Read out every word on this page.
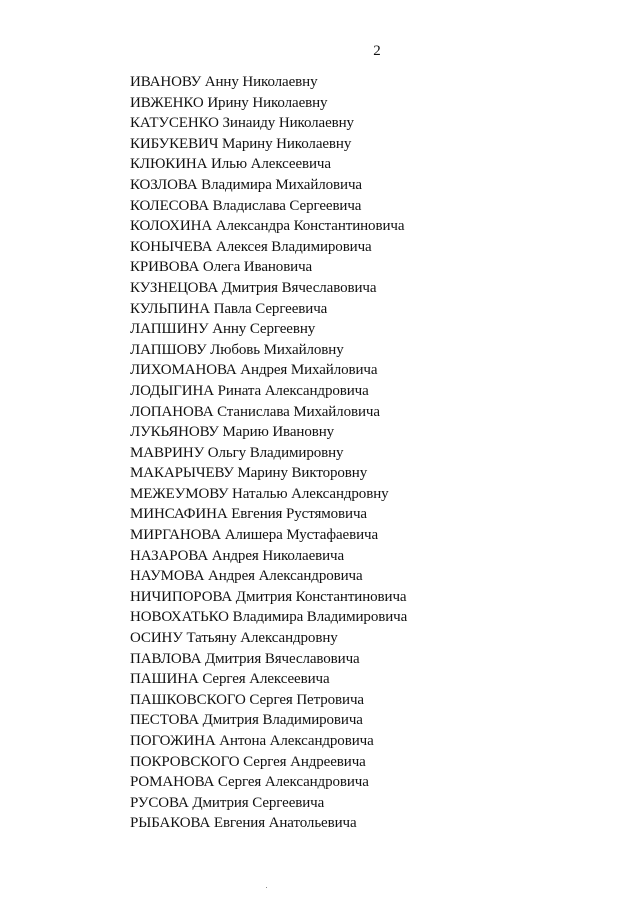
2
ИВАНОВУ Анну Николаевну
ИВЖЕНКО Ирину Николаевну
КАТУСЕНКО Зинаиду Николаевну
КИБУКЕВИЧ Марину Николаевну
КЛЮКИНА Илью Алексеевича
КОЗЛОВА Владимира Михайловича
КОЛЕСОВА Владислава Сергеевича
КОЛОХИНА Александра Константиновича
КОНЫЧЕВА Алексея Владимировича
КРИВОВА Олега Ивановича
КУЗНЕЦОВА Дмитрия Вячеславовича
КУЛЬПИНА Павла Сергеевича
ЛАПШИНУ Анну Сергеевну
ЛАПШОВУ Любовь Михайловну
ЛИХОМАНОВА Андрея Михайловича
ЛОДЫГИНА Рината Александровича
ЛОПАНОВА Станислава Михайловича
ЛУКЬЯНОВУ Марию Ивановну
МАВРИНУ Ольгу Владимировну
МАКАРЫЧЕВУ Марину Викторовну
МЕЖЕУМОВУ Наталью Александровну
МИНСАФИНА Евгения Рустямовича
МИРГАНОВА Алишера Мустафаевича
НАЗАРОВА Андрея Николаевича
НАУМОВА Андрея Александровича
НИЧИПОРОВА Дмитрия Константиновича
НОВОХАТЬКО Владимира Владимировича
ОСИНУ Татьяну Александровну
ПАВЛОВА Дмитрия Вячеславовича
ПАШИНА Сергея Алексеевича
ПАШКОВСКОГО Сергея Петровича
ПЕСТОВА Дмитрия Владимировича
ПОГОЖИНА Антона Александровича
ПОКРОВСКОГО Сергея Андреевича
РОМАНОВА Сергея Александровича
РУСОВА Дмитрия Сергеевича
РЫБАКОВА Евгения Анатольевича
